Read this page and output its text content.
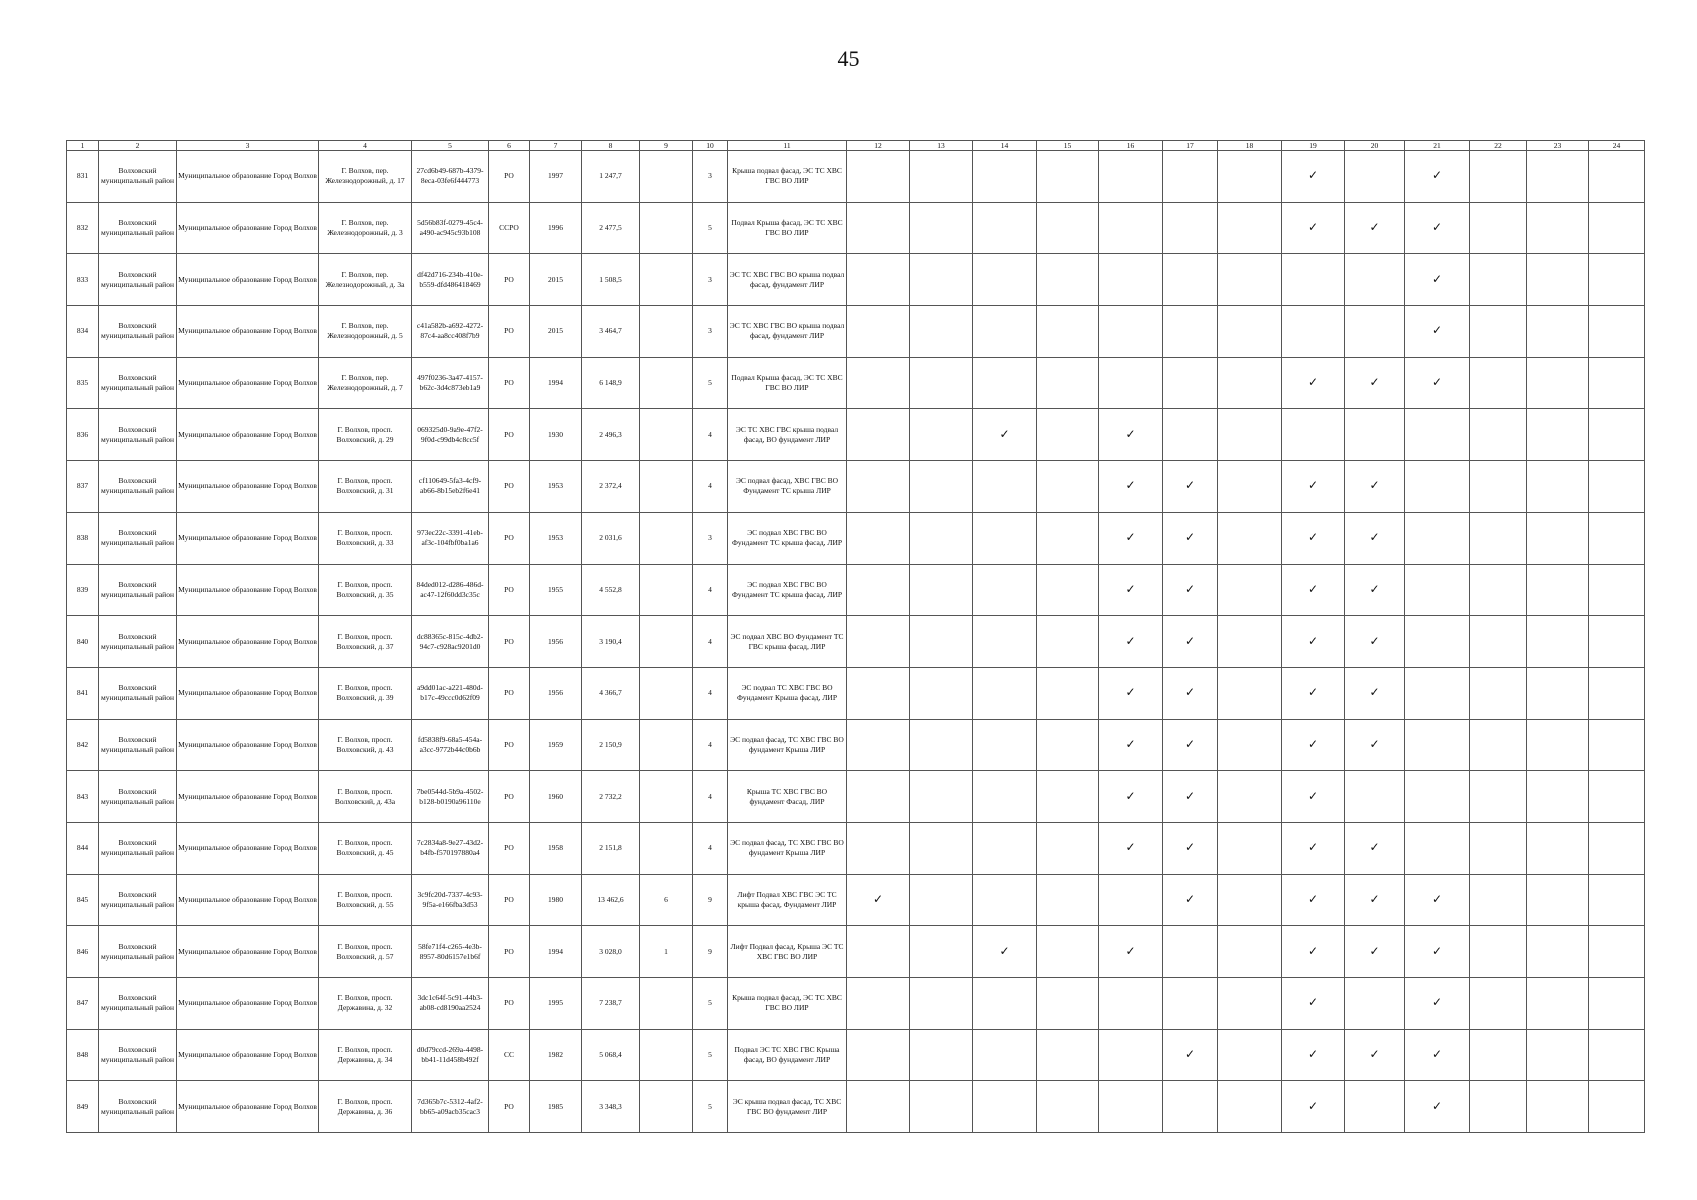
45
1	2	3	4	5	6	7	8	9	10	11	12	13	14	15	16	17	18	19	20	21	22	23	24
831	Волховский муниципальный район	Муниципальное образование Город Волхов	Г. Волхов, пер. Железнодорожный, д. 17	27cd6b49-687b-4379-8eca-03fe6f444773	РО	1997	1 247,7		3	Крыша подвал фасад, ЭС ТС ХВС ГВС ВО ЛИР								✓		✓			
832	Волховский муниципальный район	Муниципальное образование Город Волхов	Г. Волхов, пер. Железнодорожный, д. 3	5d56b83f-0279-45c4-a490-ac945c93b108	ССРО	1996	2 477,5		5	Подвал Крыша фасад, ЭС ТС ХВС ГВС ВО ЛИР								✓	✓	✓			
833	Волховский муниципальный район	Муниципальное образование Город Волхов	Г. Волхов, пер. Железнодорожный, д. 3а	df42d716-234b-410e-b559-dfd486418469	РО	2015	1 508,5		3	ЭС ТС ХВС ГВС ВО крыша подвал фасад, фундамент ЛИР										✓			
834	Волховский муниципальный район	Муниципальное образование Город Волхов	Г. Волхов, пер. Железнодорожный, д. 5	c41a582b-a692-4272-87c4-aa8cc408f7b9	РО	2015	3 464,7		3	ЭС ТС ХВС ГВС ВО крыша подвал фасад, фундамент ЛИР										✓			
835	Волховский муниципальный район	Муниципальное образование Город Волхов	Г. Волхов, пер. Железнодорожный, д. 7	497f0236-3a47-4157-b62c-3d4c873eb1a9	РО	1994	6 148,9		5	Подвал Крыша фасад, ЭС ТС ХВС ГВС ВО ЛИР								✓	✓	✓			
836	Волховский муниципальный район	Муниципальное образование Город Волхов	Г. Волхов, просп. Волховский, д. 29	069325d0-9a9e-47f2-9f0d-c99db4c8cc5f	РО	1930	2 496,3		4	ЭС ТС ХВС ГВС крыша подвал фасад, ВО фундамент ЛИР			✓		✓								
837	Волховский муниципальный район	Муниципальное образование Город Волхов	Г. Волхов, просп. Волховский, д. 31	cf110649-5fa3-4cf9-ab66-8b15eb2f6e41	РО	1953	2 372,4		4	ЭС подвал фасад, ХВС ГВС ВО Фундамент ТС крыша ЛИР					✓	✓		✓	✓				
838	Волховский муниципальный район	Муниципальное образование Город Волхов	Г. Волхов, просп. Волховский, д. 33	973ec22c-3391-41eb-af3c-104fbf0ba1a6	РО	1953	2 031,6		3	ЭС подвал ХВС ГВС ВО Фундамент ТС крыша фасад, ЛИР					✓	✓		✓	✓				
839	Волховский муниципальный район	Муниципальное образование Город Волхов	Г. Волхов, просп. Волховский, д. 35	84ded012-d286-486d-ac47-12f60dd3c35c	РО	1955	4 552,8		4	ЭС подвал ХВС ГВС ВО Фундамент ТС крыша фасад, ЛИР					✓	✓		✓	✓				
840	Волховский муниципальный район	Муниципальное образование Город Волхов	Г. Волхов, просп. Волховский, д. 37	dc88365c-815c-4db2-94c7-c928ac9201d0	РО	1956	3 190,4		4	ЭС подвал ХВС ВО Фундамент ТС ГВС крыша фасад, ЛИР					✓	✓		✓	✓				
841	Волховский муниципальный район	Муниципальное образование Город Волхов	Г. Волхов, просп. Волховский, д. 39	a9dd01ac-a221-480d-b17c-49ccc0d62f09	РО	1956	4 366,7		4	ЭС подвал ТС ХВС ГВС ВО Фундамент Крыша фасад, ЛИР					✓	✓		✓	✓				
842	Волховский муниципальный район	Муниципальное образование Город Волхов	Г. Волхов, просп. Волховский, д. 43	fd5838f9-68a5-454a-a3cc-9772b44c0b6b	РО	1959	2 150,9		4	ЭС подвал фасад, ТС ХВС ГВС ВО фундамент Крыша ЛИР					✓	✓		✓	✓				
843	Волховский муниципальный район	Муниципальное образование Город Волхов	Г. Волхов, просп. Волховский, д. 43а	7be0544d-5b9a-4502-b128-b0190a96110e	РО	1960	2 732,2		4	Крыша ТС ХВС ГВС ВО фундамент Фасад, ЛИР					✓	✓		✓					
844	Волховский муниципальный район	Муниципальное образование Город Волхов	Г. Волхов, просп. Волховский, д. 45	7c2834a8-9e27-43d2-b4fb-f570197880a4	РО	1958	2 151,8		4	ЭС подвал фасад, ТС ХВС ГВС ВО фундамент Крыша ЛИР					✓	✓		✓	✓				
845	Волховский муниципальный район	Муниципальное образование Город Волхов	Г. Волхов, просп. Волховский, д. 55	3c9fc20d-7337-4c93-9f5a-e166fba3d53	РО	1980	13 462,6	6	9	Лифт Подвал ХВС ГВС ЭС ТС крыша фасад, Фундамент ЛИР	✓					✓		✓	✓	✓			
846	Волховский муниципальный район	Муниципальное образование Город Волхов	Г. Волхов, просп. Волховский, д. 57	58fe71f4-c265-4e3b-8957-80d6157e1b6f	РО	1994	3 028,0	1	9	Лифт Подвал фасад, Крыша ЭС ТС ХВС ГВС ВО ЛИР			✓		✓			✓	✓	✓			
847	Волховский муниципальный район	Муниципальное образование Город Волхов	Г. Волхов, просп. Державина, д. 32	3dc1c64f-5c91-44b3-ab08-cd8190aa2524	РО	1995	7 238,7		5	Крыша подвал фасад, ЭС ТС ХВС ГВС ВО ЛИР								✓		✓			
848	Волховский муниципальный район	Муниципальное образование Город Волхов	Г. Волхов, просп. Державина, д. 34	d0d79ccd-269a-4498-bb41-11d458b492f	СС	1982	5 068,4		5	Подвал ЭС ТС ХВС ГВС Крыша фасад, ВО фундамент ЛИР						✓		✓	✓	✓			
849	Волховский муниципальный район	Муниципальное образование Город Волхов	Г. Волхов, просп. Державина, д. 36	7d365b7c-5312-4af2-bb65-a09acb35cac3	РО	1985	3 348,3		5	ЭС крыша подвал фасад, ТС ХВС ГВС ВО фундамент ЛИР								✓		✓			
